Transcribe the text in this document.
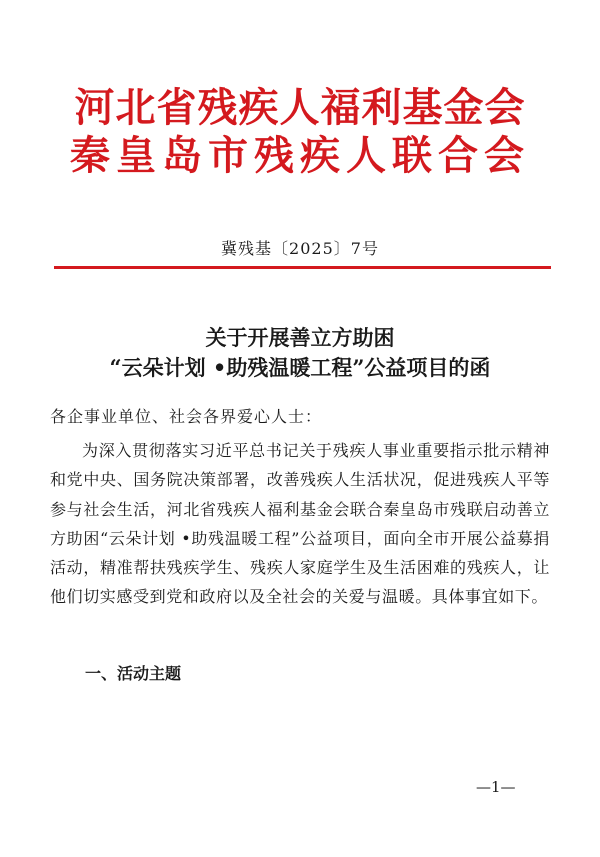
河北省残疾人福利基金会
秦皇岛市残疾人联合会
冀残基〔2025〕7号
关于开展善立方助困
“云朵计划 •助残温暖工程”公益项目的函
各企事业单位、社会各界爱心人士：
为深入贯彻落实习近平总书记关于残疾人事业重要指示批示精神和党中央、国务院决策部署，改善残疾人生活状况，促进残疾人平等参与社会生活，河北省残疾人福利基金会联合秦皇岛市残联启动善立方助困“云朵计划 •助残温暖工程”公益项目，面向全市开展公益募捐活动，精准帮扶残疾学生、残疾人家庭学生及生活困难的残疾人，让他们切实感受到党和政府以及全社会的关爱与温暖。具体事宜如下。
一、活动主题
—1—
